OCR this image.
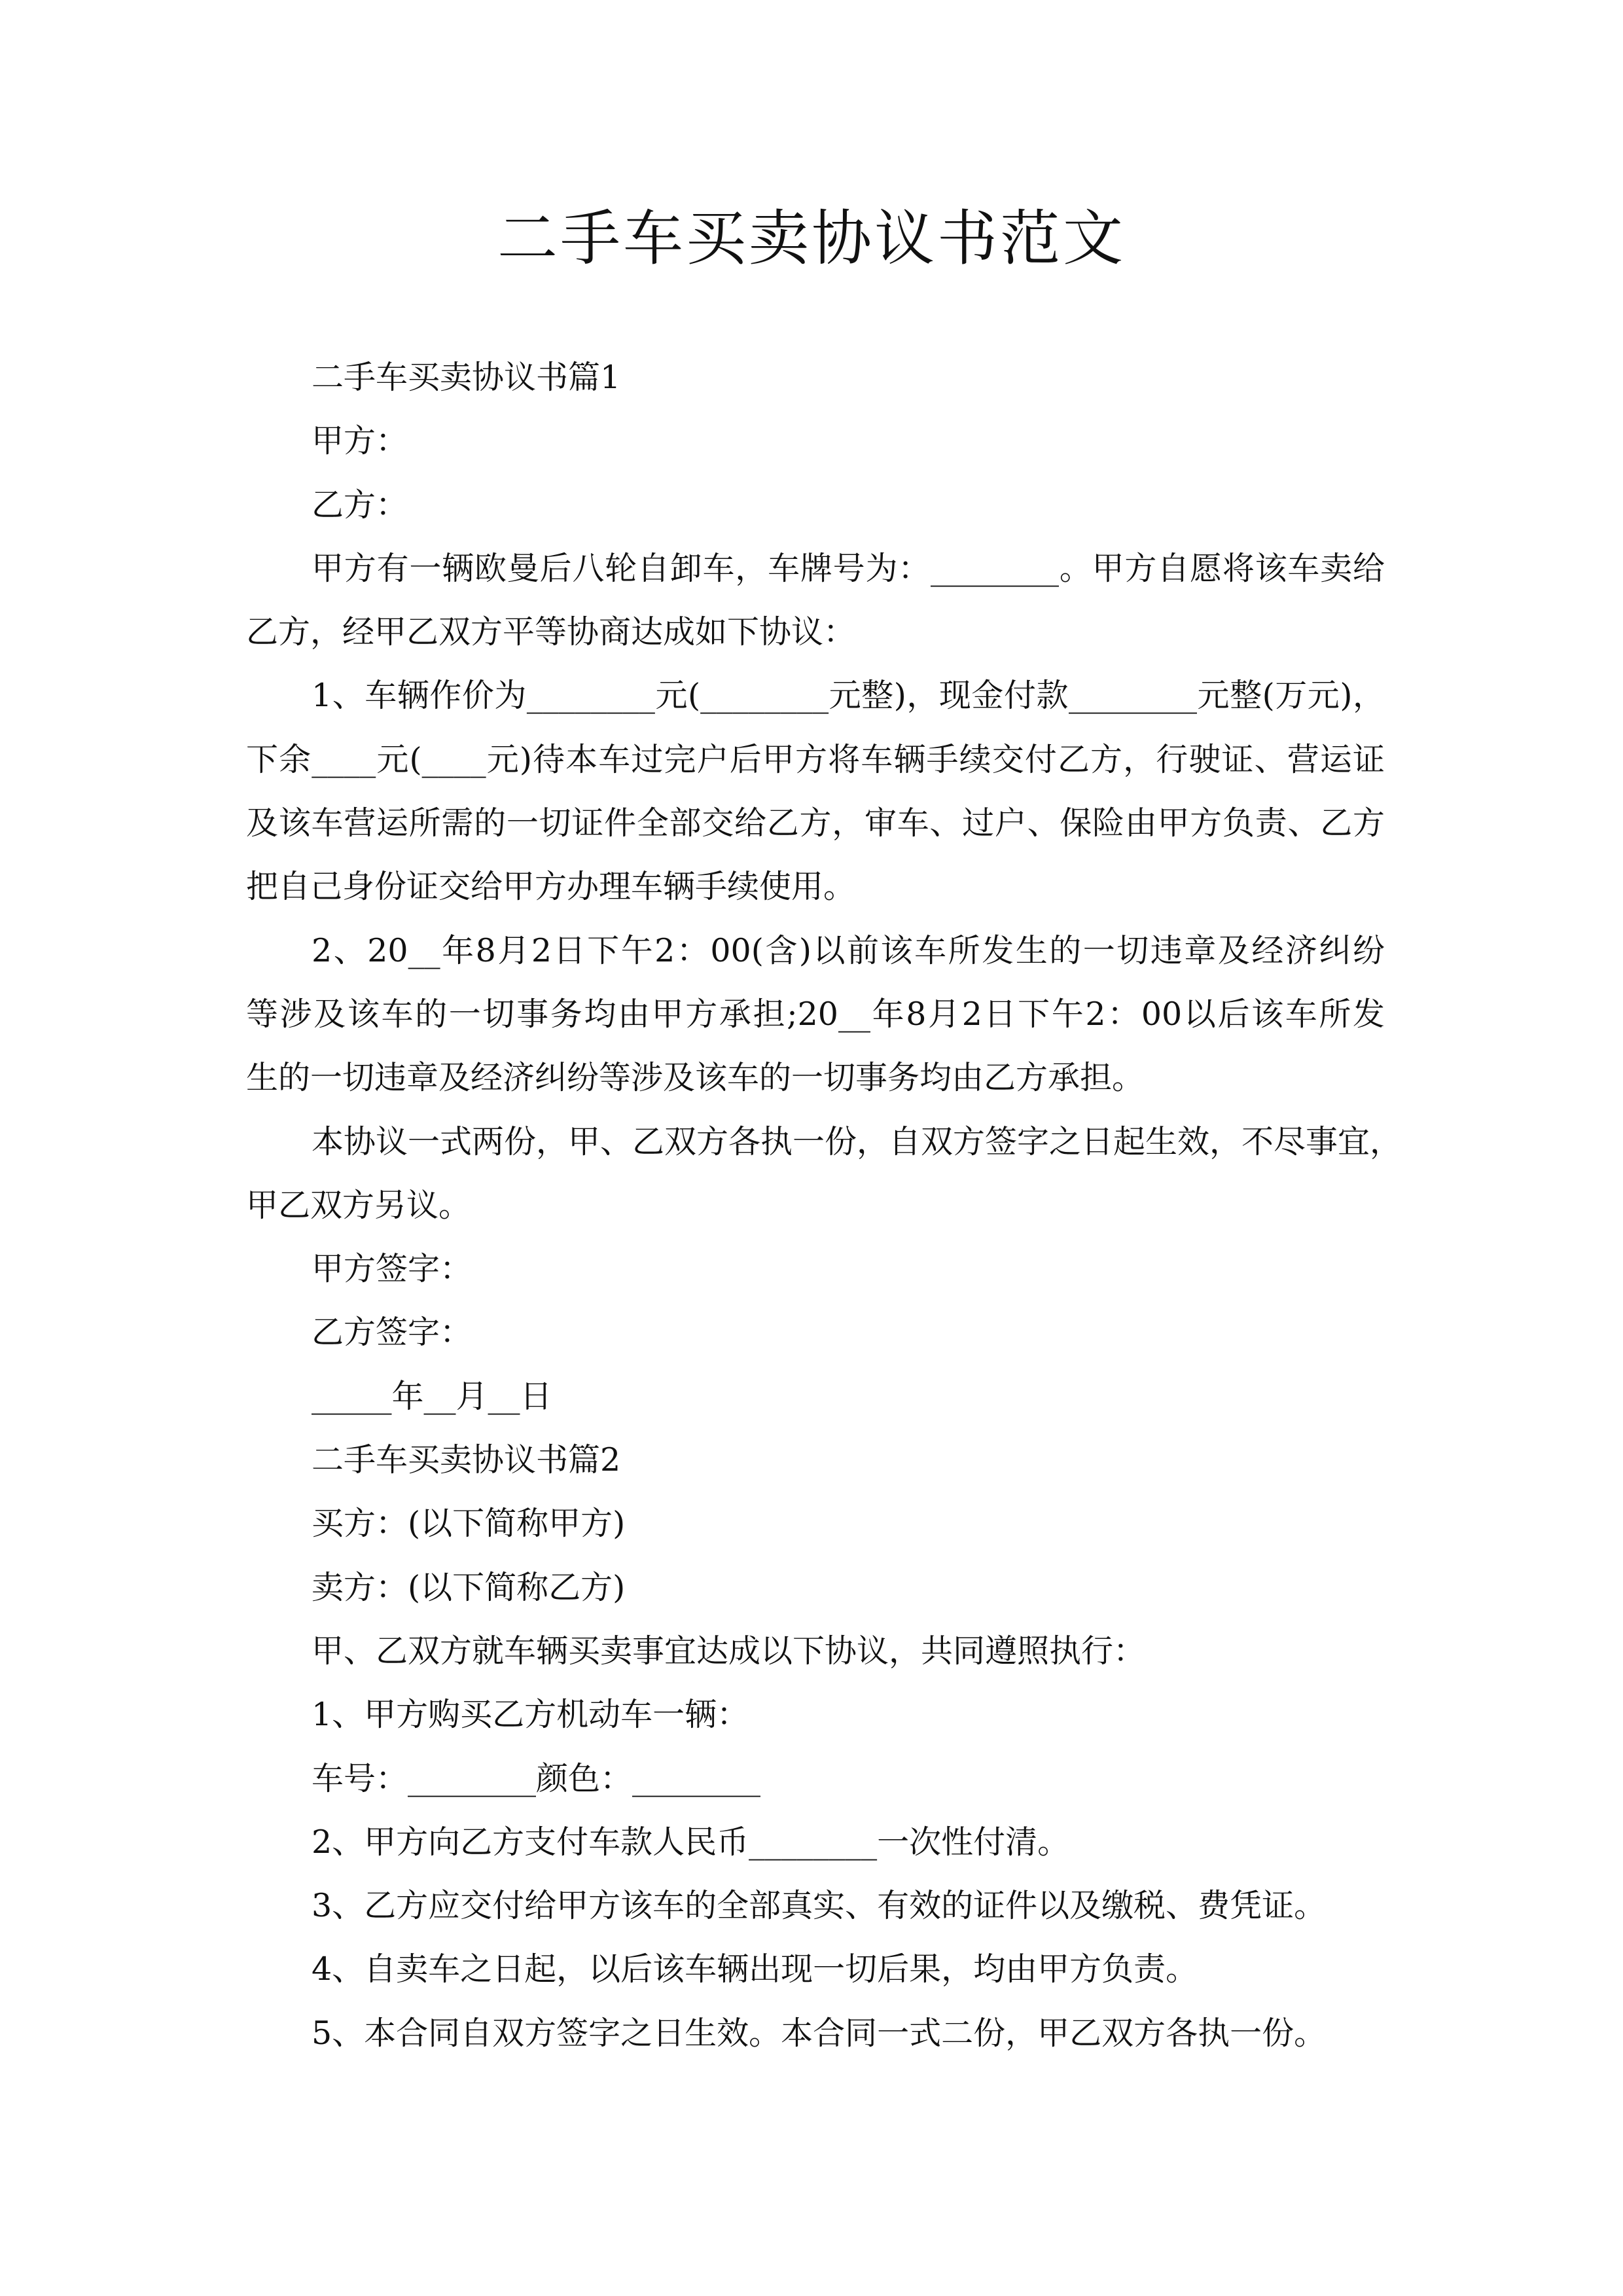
二手车买卖协议书范文
二手车买卖协议书篇1
甲方：
乙方：
甲方有一辆欧曼后八轮自卸车，车牌号为：________。甲方自愿将该车卖给
乙方，经甲乙双方平等协商达成如下协议：
1、车辆作价为________元(________元整)，现金付款________元整(万元)，
下余____元(____元)待本车过完户后甲方将车辆手续交付乙方，行驶证、营运证
及该车营运所需的一切证件全部交给乙方，审车、过户、保险由甲方负责、乙方
把自己身份证交给甲方办理车辆手续使用。
2、20__年8月2日下午2：00(含)以前该车所发生的一切违章及经济纠纷
等涉及该车的一切事务均由甲方承担;20__年8月2日下午2：00以后该车所发
生的一切违章及经济纠纷等涉及该车的一切事务均由乙方承担。
本协议一式两份，甲、乙双方各执一份，自双方签字之日起生效，不尽事宜，
甲乙双方另议。
甲方签字：
乙方签字：
_____年__月__日
二手车买卖协议书篇2
买方：(以下简称甲方)
卖方：(以下简称乙方)
甲、乙双方就车辆买卖事宜达成以下协议，共同遵照执行：
1、甲方购买乙方机动车一辆：
车号：________颜色：________
2、甲方向乙方支付车款人民币________一次性付清。
3、乙方应交付给甲方该车的全部真实、有效的证件以及缴税、费凭证。
4、自卖车之日起，以后该车辆出现一切后果，均由甲方负责。
5、本合同自双方签字之日生效。本合同一式二份，甲乙双方各执一份。
